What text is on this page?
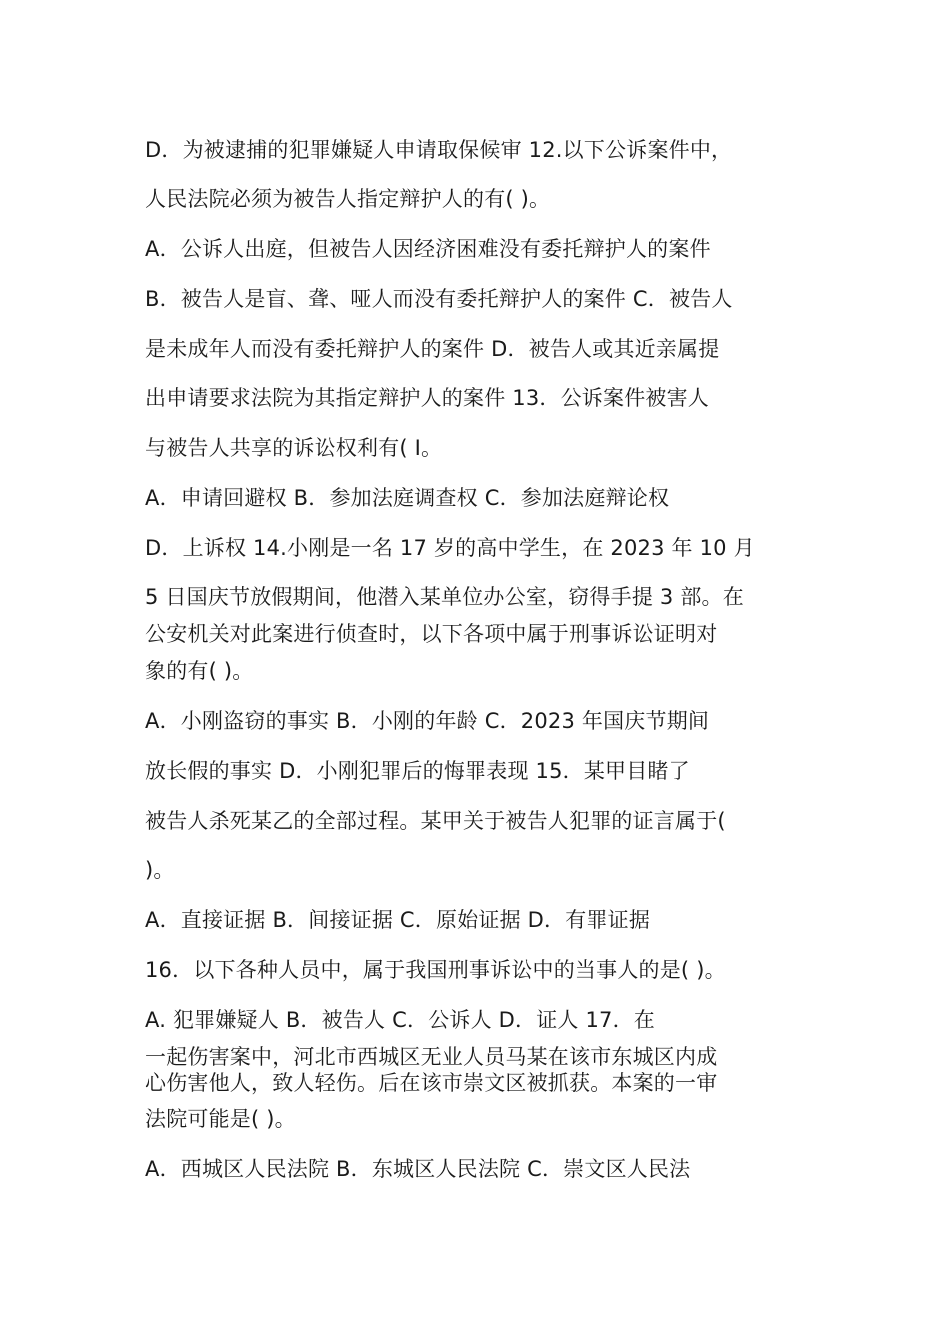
D．为被逮捕的犯罪嫌疑人申请取保候审 12.以下公诉案件中，
人民法院必须为被告人指定辩护人的有( )。
A．公诉人出庭，但被告人因经济困难没有委托辩护人的案件
B．被告人是盲、聋、哑人而没有委托辩护人的案件 C．被告人
是未成年人而没有委托辩护人的案件 D．被告人或其近亲属提
出申请要求法院为其指定辩护人的案件 13．公诉案件被害人
与被告人共享的诉讼权利有( I。
A．申请回避权 B．参加法庭调查权 C．参加法庭辩论权
D．上诉权 14.小刚是一名 17 岁的高中学生，在 2023 年 10 月
5 日国庆节放假期间，他潜入某单位办公室，窃得手提 3 部。在
公安机关对此案进行侦查时，以下各项中属于刑事诉讼证明对
象的有( )。
A．小刚盗窃的事实 B．小刚的年龄 C．2023 年国庆节期间
放长假的事实 D．小刚犯罪后的悔罪表现 15．某甲目睹了
被告人杀死某乙的全部过程。某甲关于被告人犯罪的证言属于(
)。
A．直接证据 B．间接证据 C．原始证据 D．有罪证据
16．以下各种人员中，属于我国刑事诉讼中的当事人的是( )。
A. 犯罪嫌疑人 B．被告人 C．公诉人 D．证人 17．在
一起伤害案中，河北市西城区无业人员马某在该市东城区内成
心伤害他人，致人轻伤。后在该市崇文区被抓获。本案的一审
法院可能是( )。
A．西城区人民法院 B．东城区人民法院 C．崇文区人民法
